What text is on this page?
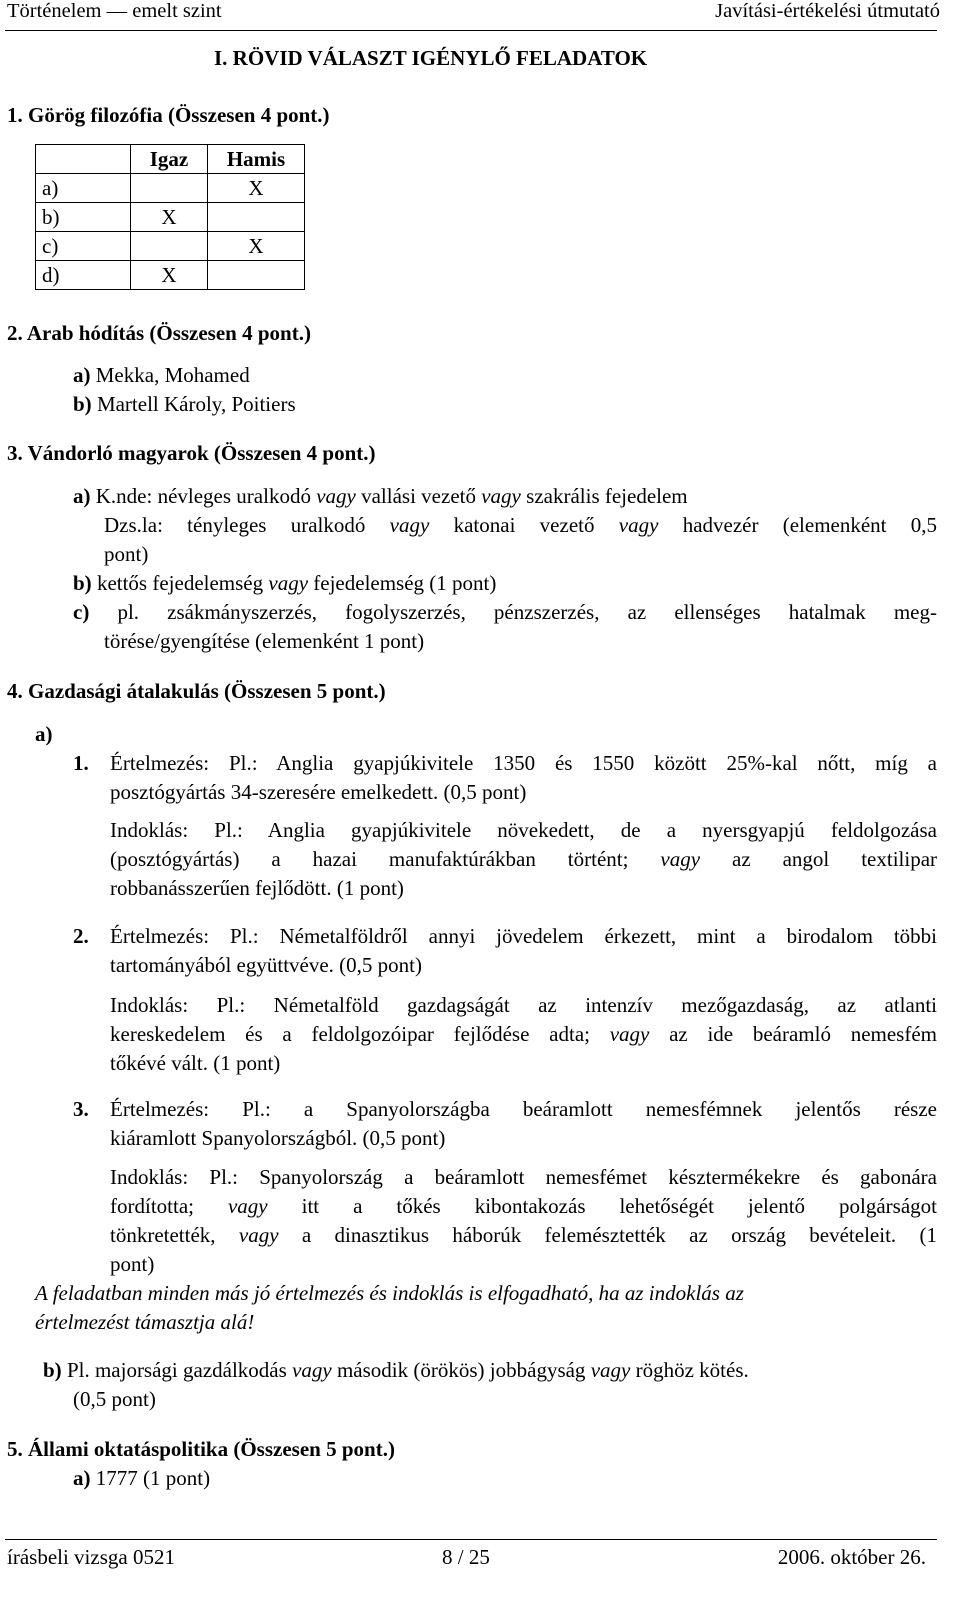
Történelem — emelt szint	Javítási-értékelési útmutató
I. RÖVID VÁLASZT IGÉNYLŐ FELADATOK
1. Görög filozófia (Összesen 4 pont.)
	Igaz	Hamis
a)		X
b)	X	
c)		X
d)	X	
2. Arab hódítás (Összesen 4 pont.)
a) Mekka, Mohamed
b) Martell Károly, Poitiers
3. Vándorló magyarok (Összesen 4 pont.)
a) K.nde: névleges uralkodó vagy vallási vezető vagy szakrális fejedelem
Dzs.la: tényleges uralkodó vagy katonai vezető vagy hadvezér (elemenként 0,5
pont)
b) kettős fejedelemség vagy fejedelemség (1 pont)
c) pl. zsákmányszerzés, fogolyszerzés, pénzszerzés, az ellenséges hatalmak meg-
törése/gyengítése (elemenként 1 pont)
4. Gazdasági átalakulás (Összesen 5 pont.)
a)
1. Értelmezés: Pl.: Anglia gyapjúkivitele 1350 és 1550 között 25%-kal nőtt, míg a
posztógyártás 34-szeresére emelkedett. (0,5 pont)
Indoklás: Pl.: Anglia gyapjúkivitele növekedett, de a nyersgyapjú feldolgozása
(posztógyártás) a hazai manufaktúrákban történt; vagy az angol textilipar
robbanásszerűen fejlődött. (1 pont)
2. Értelmezés: Pl.: Németalföldről annyi jövedelem érkezett, mint a birodalom többi
tartományából együttvéve. (0,5 pont)
Indoklás: Pl.: Németalföld gazdagságát az intenzív mezőgazdaság, az atlanti
kereskedelem és a feldolgozóipar fejlődése adta; vagy az ide beáramló nemesfém
tőkévé vált. (1 pont)
3. Értelmezés: Pl.: a Spanyolországba beáramlott nemesfémnek jelentős része
kiáramlott Spanyolországból. (0,5 pont)
Indoklás: Pl.: Spanyolország a beáramlott nemesfémet késztermékekre és gabonára
fordította; vagy itt a tőkés kibontakozás lehetőségét jelentő polgárságot
tönkretették, vagy a dinasztikus háborúk felemésztették az ország bevételeit. (1
pont)
A feladatban minden más jó értelmezés és indoklás is elfogadható, ha az indoklás az
értelmezést támasztja alá!
b) Pl. majorsági gazdálkodás vagy második (örökös) jobbágyság vagy röghöz kötés.
(0,5 pont)
5. Állami oktatáspolitika (Összesen 5 pont.)
a) 1777 (1 pont)
írásbeli vizsga 0521	8 / 25	2006. október 26.
